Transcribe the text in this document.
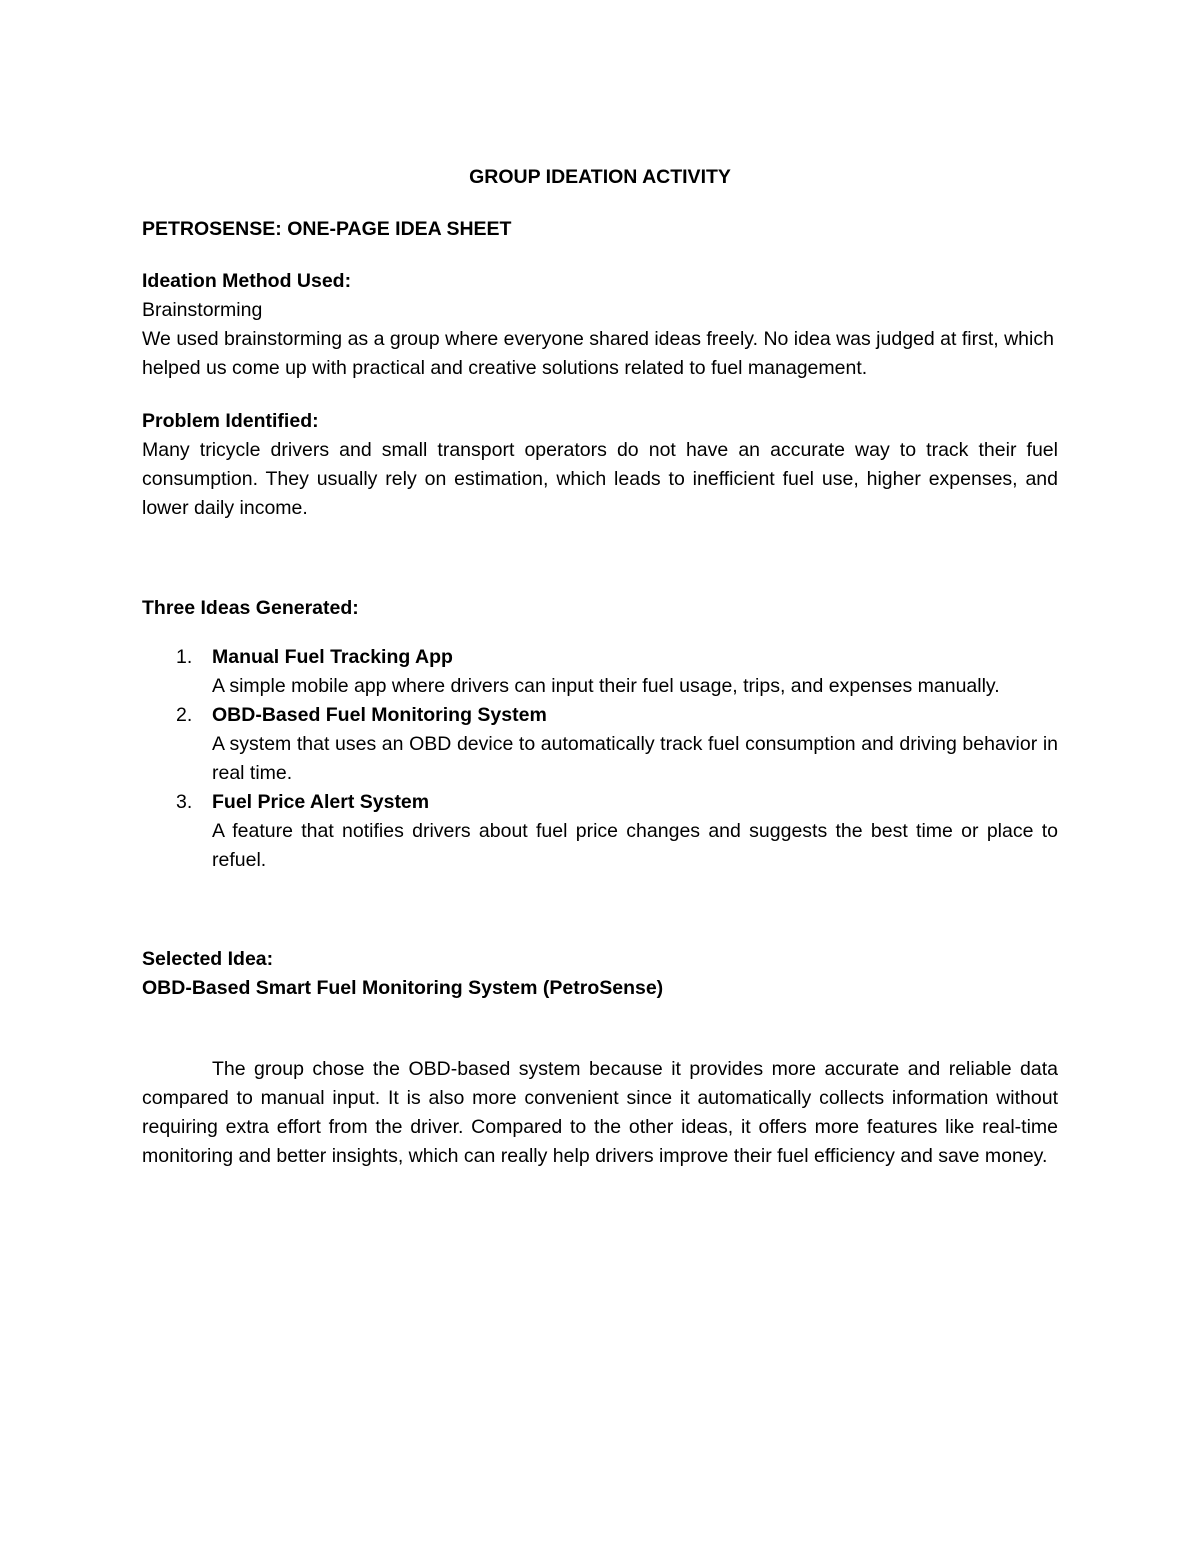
GROUP IDEATION ACTIVITY

PETROSENSE: ONE-PAGE IDEA SHEET

Ideation Method Used:

Brainstorming

We used brainstorming as a group where everyone shared ideas freely. No idea was judged at first, which helped us come up with practical and creative solutions related to fuel management.

Problem Identified:

Many tricycle drivers and small transport operators do not have an accurate way to track their fuel consumption. They usually rely on estimation, which leads to inefficient fuel use, higher expenses, and lower daily income.

Three Ideas Generated:

1. Manual Fuel Tracking App

A simple mobile app where drivers can input their fuel usage, trips, and expenses manually.

2. OBD-Based Fuel Monitoring System

A system that uses an OBD device to automatically track fuel consumption and driving behavior in real time.

3. Fuel Price Alert System

A feature that notifies drivers about fuel price changes and suggests the best time or place to refuel.

Selected Idea:

OBD-Based Smart Fuel Monitoring System (PetroSense)

The group chose the OBD-based system because it provides more accurate and reliable data compared to manual input. It is also more convenient since it automatically collects information without requiring extra effort from the driver. Compared to the other ideas, it offers more features like real-time monitoring and better insights, which can really help drivers improve their fuel efficiency and save money.
